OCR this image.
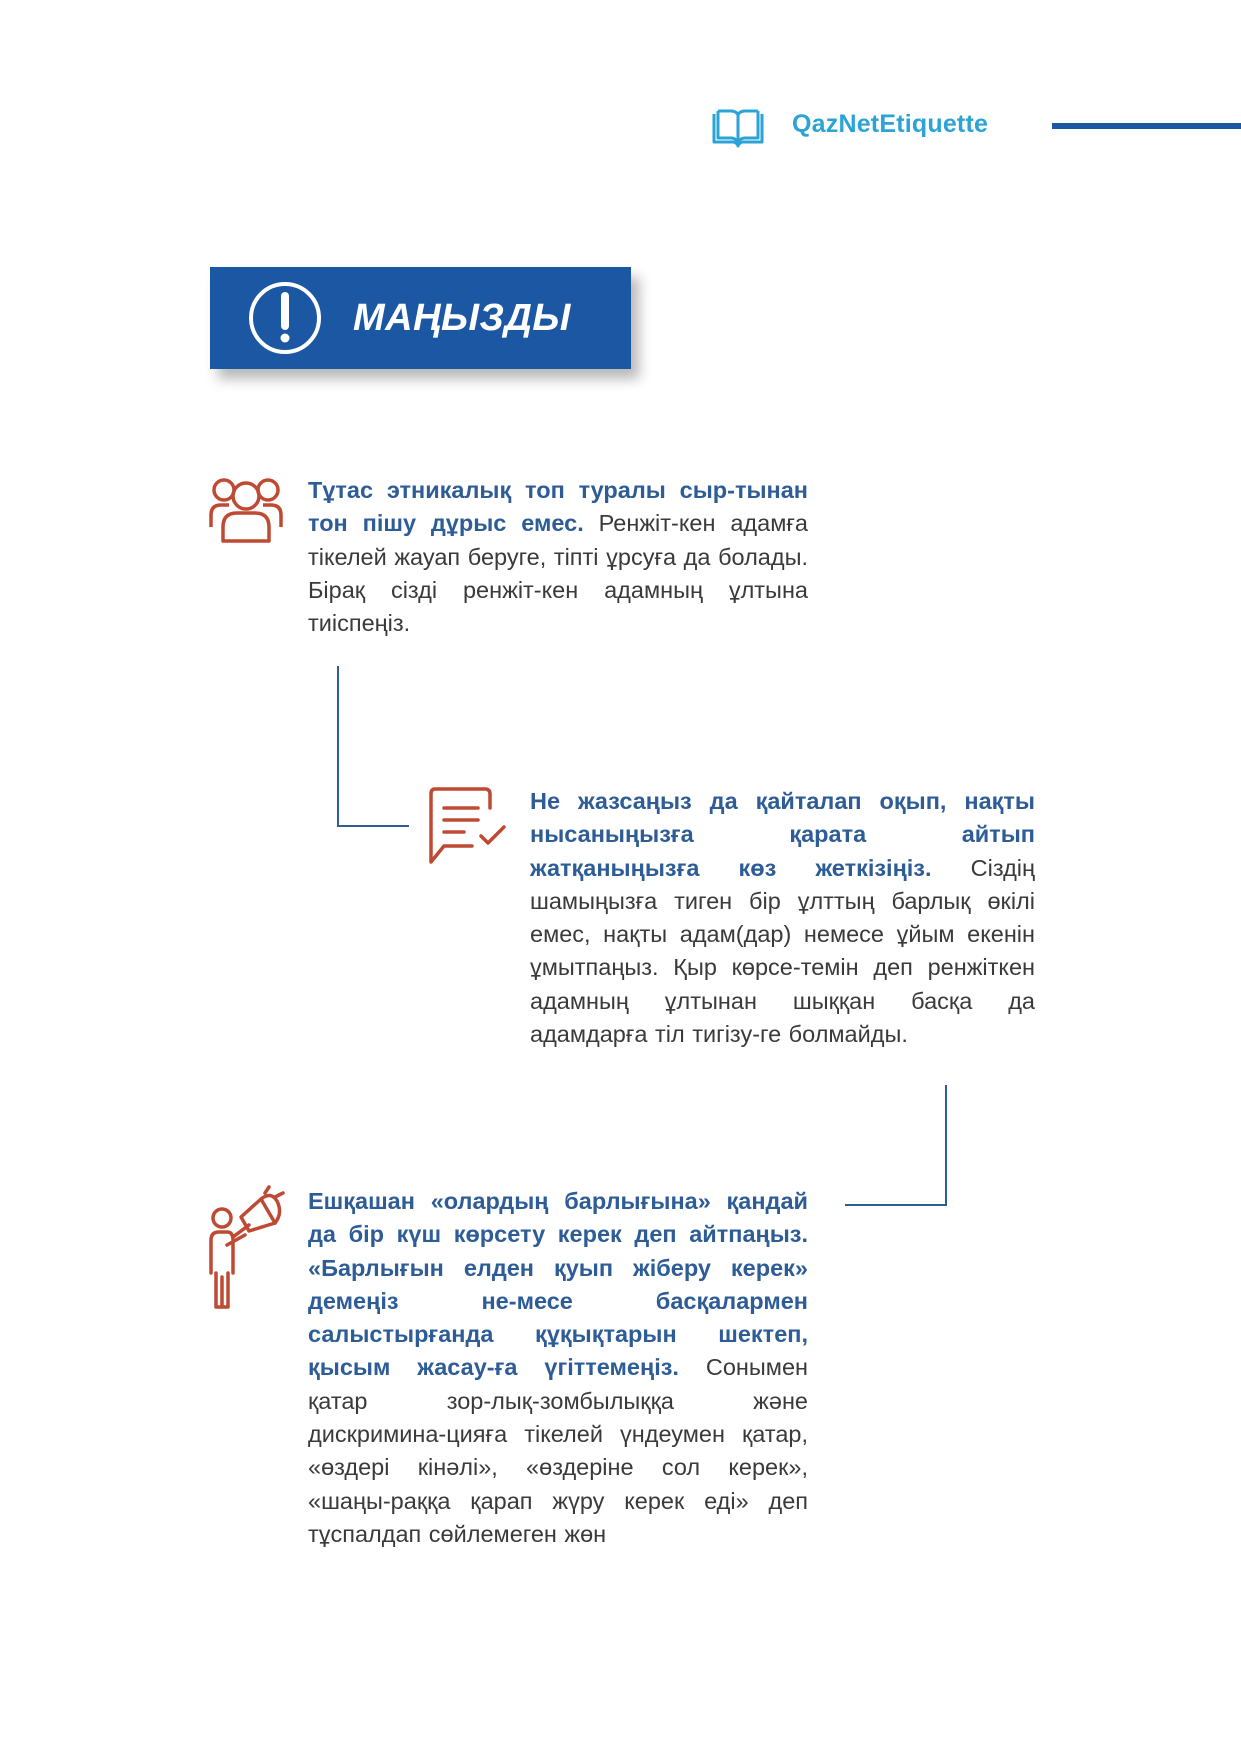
QazNetEtiquette
МАҢЫЗДЫ
Тұтас этникалық топ туралы сыр-тынан тон пішу дұрыс емес. Ренжіт-кен адамға тікелей жауап беруге, тіпті ұрсуға да болады. Бірақ сізді ренжіт-кен адамның ұлтына тиіспеңіз.
Не жазсаңыз да қайталап оқып, нақты нысаныңызға қарата айтып жатқаныңызға көз жеткізіңіз. Сіздің шамыңызға тиген бір ұлттың барлық өкілі емес, нақты адам(дар) немесе ұйым екенін ұмытпаңыз. Қыр көрсе-темін деп ренжіткен адамның ұлтынан шыққан басқа да адамдарға тіл тигізу-ге болмайды.
Ешқашан «олардың барлығына» қандай да бір күш көрсету керек деп айтпаңыз. «Барлығын елден қуып жіберу керек» демеңіз не-месе басқалармен салыстырғанда құқықтарын шектеп, қысым жасау-ға үгіттемеңіз. Сонымен қатар зор-лық-зомбылыққа және дискримина-цияға тікелей үндеумен қатар, «өздері кінәлі», «өздеріне сол керек», «шаңы-раққа қарап жүру керек еді» деп тұспалдап сөйлемеген жөн
